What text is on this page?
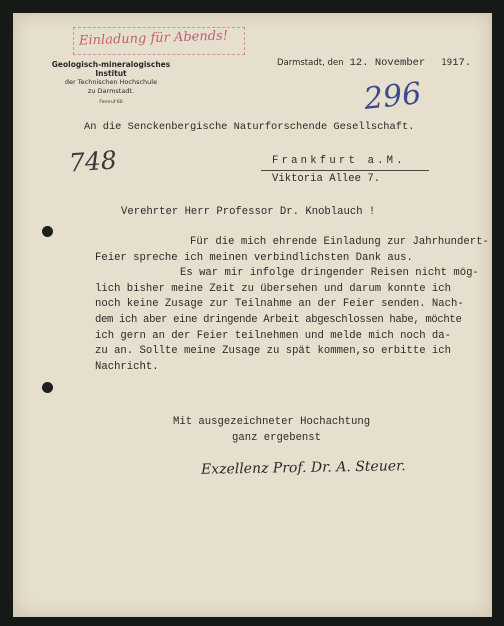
Einladung für Abends!
Geologisch-mineralogisches
Institut
der Technischen Hochschule
zu Darmstadt.
Fernruf 60
Darmstadt, den 12. November 1917.
296
An die Senckenbergische Naturforschende Gesellschaft.
748	Frankfurt a.M.
Viktoria Allee 7.
Verehrter Herr Professor Dr. Knoblauch !
Für die mich ehrende Einladung zur Jahrhundert-
Feier spreche ich meinen verbindlichsten Dank aus.
Es war mir infolge dringender Reisen nicht mög-
lich bisher meine Zeit zu übersehen und darum konnte ich
noch keine Zusage zur Teilnahme an der Feier senden. Nach-
dem ich aber eine dringende Arbeit abgeschlossen habe, möchte
ich gern an der Feier teilnehmen und melde mich noch da-
zu an. Sollte meine Zusage zu spät kommen,so erbitte ich
Nachricht.
Mit ausgezeichneter Hochachtung
ganz ergebenst
Exzellenz Prof. Dr. A. Steuer.
